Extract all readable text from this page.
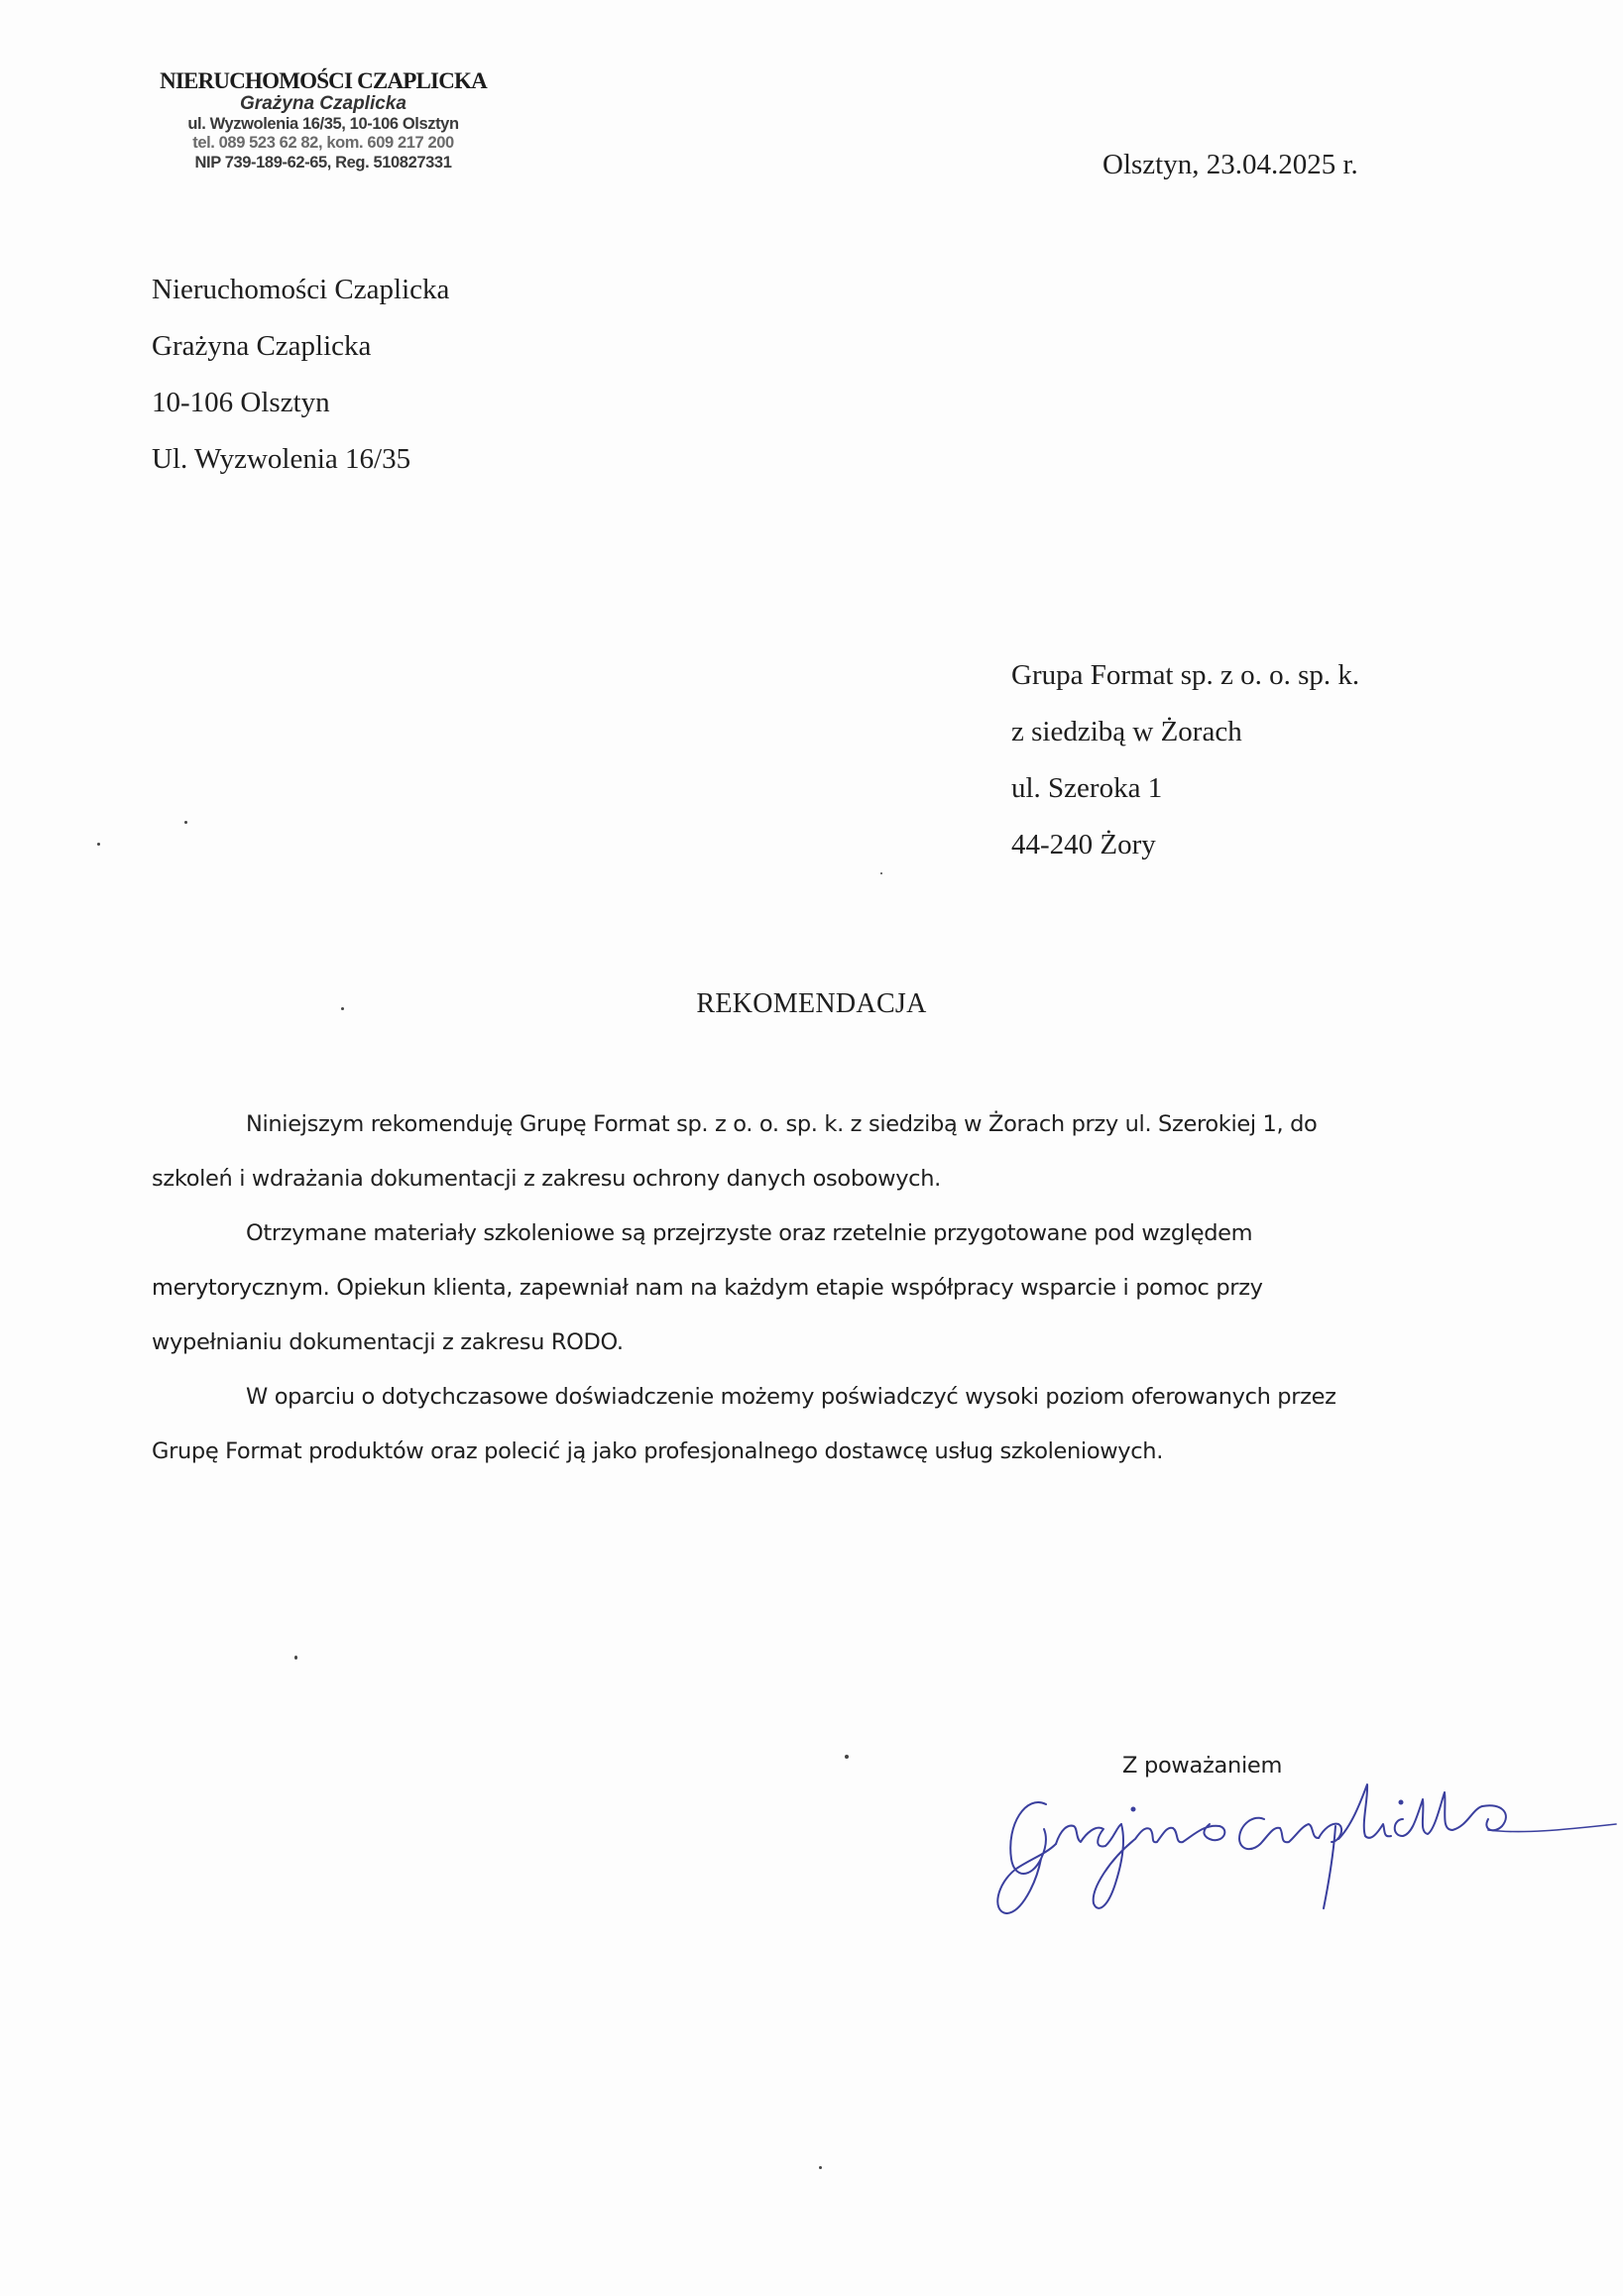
NIERUCHOMOŚCI CZAPLICKA
Grażyna Czaplicka
ul. Wyzwolenia 16/35, 10-106 Olsztyn
tel. 089 523 62 82, kom. 609 217 200
NIP 739-189-62-65, Reg. 510827331	Olsztyn, 23.04.2025 r.
Nieruchomości Czaplicka
Grażyna Czaplicka
10-106 Olsztyn
Ul. Wyzwolenia 16/35
Grupa Format sp. z o. o. sp. k.
z siedzibą w Żorach
ul. Szeroka 1
44-240 Żory
REKOMENDACJA
Niniejszym rekomenduję Grupę Format sp. z o. o. sp. k. z siedzibą w Żorach przy ul. Szerokiej 1, do
szkoleń i wdrażania dokumentacji z zakresu ochrony danych osobowych.
Otrzymane materiały szkoleniowe są przejrzyste oraz rzetelnie przygotowane pod względem
merytorycznym. Opiekun klienta, zapewniał nam na każdym etapie współpracy wsparcie i pomoc przy
wypełnianiu dokumentacji z zakresu RODO.
W oparciu o dotychczasowe doświadczenie możemy poświadczyć wysoki poziom oferowanych przez
Grupę Format produktów oraz polecić ją jako profesjonalnego dostawcę usług szkoleniowych.
Z poważaniem
